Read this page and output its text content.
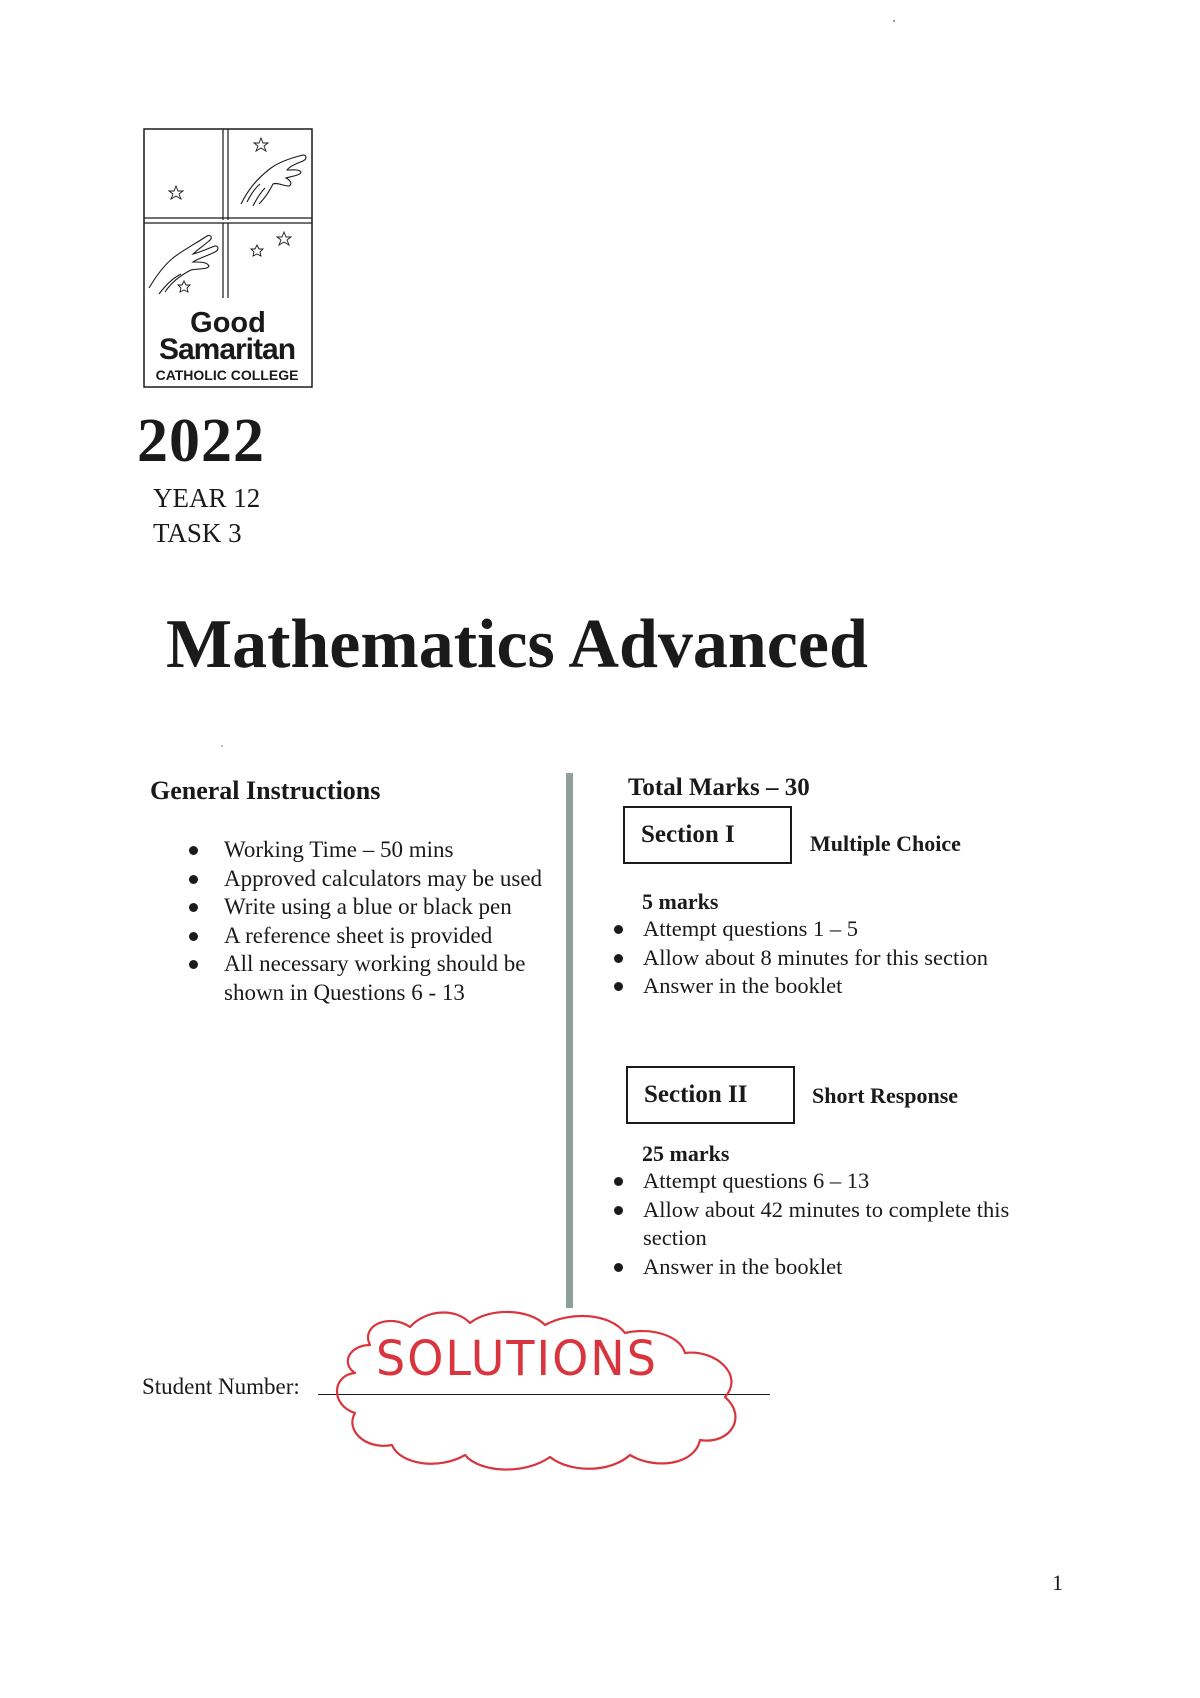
Good
Samaritan
CATHOLIC COLLEGE
2022
YEAR 12
TASK 3
Mathematics Advanced
General Instructions
Working Time – 50 mins
Approved calculators may be used
Write using a blue or black pen
A reference sheet is provided
All necessary working should be shown in Questions 6 - 13
Total Marks – 30
Section I	Multiple Choice
5 marks
Attempt questions 1 – 5
Allow about 8 minutes for this section
Answer in the booklet
Section II	Short Response
25 marks
Attempt questions 6 – 13
Allow about 42 minutes to complete this section
Answer in the booklet
Student Number:
SOLUTIONS
1
